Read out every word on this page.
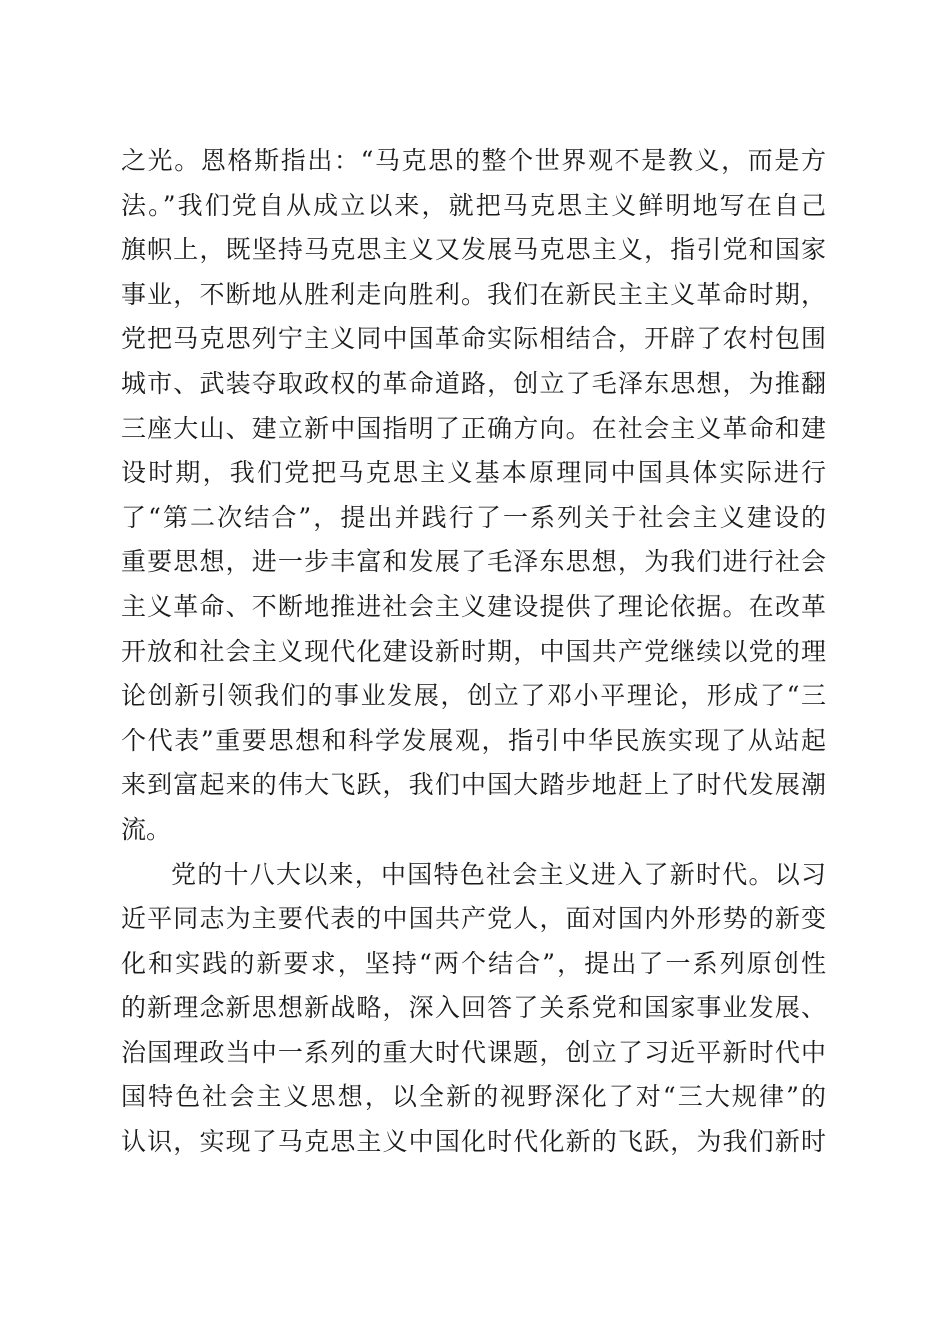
之光。恩格斯指出：“马克思的整个世界观不是教义，而是方
法。”我们党自从成立以来，就把马克思主义鲜明地写在自己
旗帜上，既坚持马克思主义又发展马克思主义，指引党和国家
事业，不断地从胜利走向胜利。我们在新民主主义革命时期，
党把马克思列宁主义同中国革命实际相结合，开辟了农村包围
城市、武装夺取政权的革命道路，创立了毛泽东思想，为推翻
三座大山、建立新中国指明了正确方向。在社会主义革命和建
设时期，我们党把马克思主义基本原理同中国具体实际进行
了“第二次结合”，提出并践行了一系列关于社会主义建设的
重要思想，进一步丰富和发展了毛泽东思想，为我们进行社会
主义革命、不断地推进社会主义建设提供了理论依据。在改革
开放和社会主义现代化建设新时期，中国共产党继续以党的理
论创新引领我们的事业发展，创立了邓小平理论，形成了“三
个代表”重要思想和科学发展观，指引中华民族实现了从站起
来到富起来的伟大飞跃，我们中国大踏步地赶上了时代发展潮
流。
党的十八大以来，中国特色社会主义进入了新时代。以习
近平同志为主要代表的中国共产党人，面对国内外形势的新变
化和实践的新要求，坚持“两个结合”，提出了一系列原创性
的新理念新思想新战略，深入回答了关系党和国家事业发展、
治国理政当中一系列的重大时代课题，创立了习近平新时代中
国特色社会主义思想，以全新的视野深化了对“三大规律”的
认识，实现了马克思主义中国化时代化新的飞跃，为我们新时
